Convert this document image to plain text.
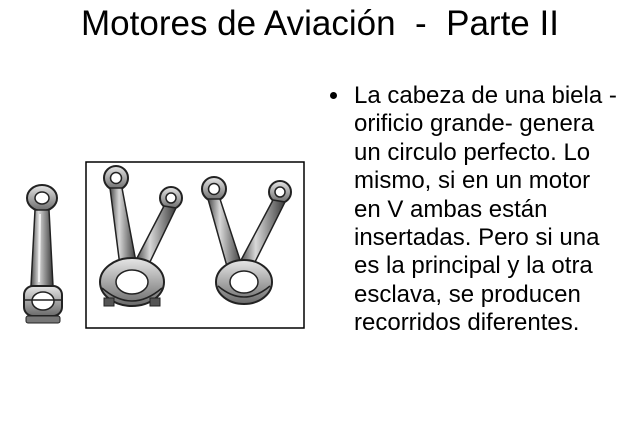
Motores de Aviación  -  Parte II
La cabeza de una biela -orificio grande- genera un circulo perfecto. Lo mismo, si en un motor en V ambas están insertadas. Pero si una es la principal y la otra esclava, se producen recorridos diferentes.
